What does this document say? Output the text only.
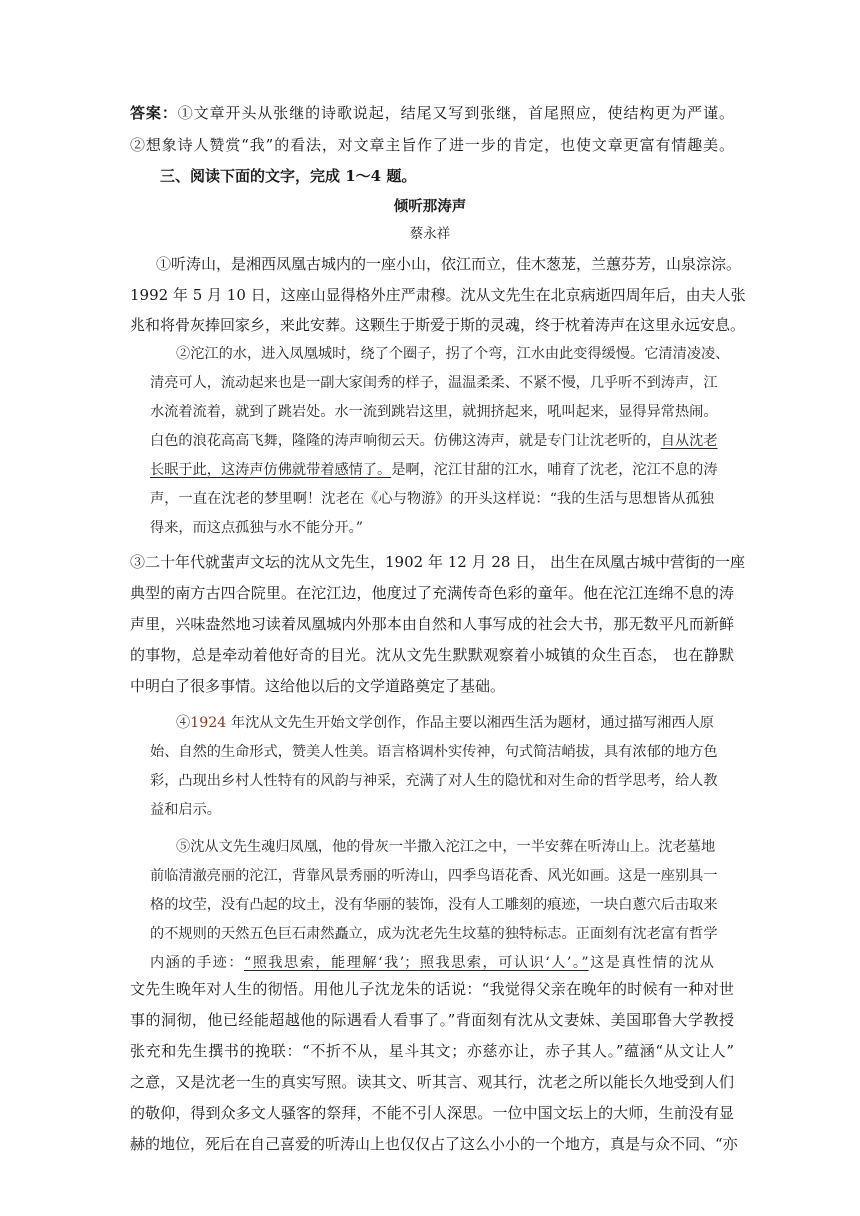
答案：①文章开头从张继的诗歌说起，结尾又写到张继，首尾照应，使结构更为严谨。
②想象诗人赞赏“我”的看法，对文章主旨作了进一步的肯定，也使文章更富有情趣美。
三、阅读下面的文字，完成 1～4 题。
倾听那涛声
蔡永祥
①听涛山，是湘西凤凰古城内的一座小山，依江而立，佳木葱茏，兰蕙芬芳，山泉淙淙。
1992 年 5 月 10 日，这座山显得格外庄严肃穆。沈从文先生在北京病逝四周年后，由夫人张
兆和将骨灰捧回家乡，来此安葬。这颗生于斯爱于斯的灵魂，终于枕着涛声在这里永远安息。
②沱江的水，进入凤凰城时，绕了个圈子，拐了个弯，江水由此变得缓慢。它清清凌凌、
清亮可人，流动起来也是一副大家闺秀的样子，温温柔柔、不紧不慢，几乎听不到涛声，江
水流着流着，就到了跳岩处。水一流到跳岩这里，就拥挤起来，吼叫起来，显得异常热闹。
白色的浪花高高飞舞，隆隆的涛声响彻云天。仿佛这涛声，就是专门让沈老听的，自从沈老
长眠于此，这涛声仿佛就带着感情了。是啊，沱江甘甜的江水，哺育了沈老，沱江不息的涛
声，一直在沈老的梦里啊！沈老在《心与物游》的开头这样说：“我的生活与思想皆从孤独
得来，而这点孤独与水不能分开。”
③二十年代就蜚声文坛的沈从文先生，1902 年 12 月 28 日， 出生在凤凰古城中营街的一座
典型的南方古四合院里。在沱江边，他度过了充满传奇色彩的童年。他在沱江连绵不息的涛
声里，兴味盎然地习读着凤凰城内外那本由自然和人事写成的社会大书，那无数平凡而新鲜
的事物，总是牵动着他好奇的目光。沈从文先生默默观察着小城镇的众生百态， 也在静默
中明白了很多事情。这给他以后的文学道路奠定了基础。
④1924 年沈从文先生开始文学创作，作品主要以湘西生活为题材，通过描写湘西人原
始、自然的生命形式，赞美人性美。语言格调朴实传神，句式简洁峭拔，具有浓郁的地方色
彩，凸现出乡村人性特有的风韵与神采，充满了对人生的隐忧和对生命的哲学思考，给人教
益和启示。
⑤沈从文先生魂归凤凰，他的骨灰一半撒入沱江之中，一半安葬在听涛山上。沈老墓地
前临清澈亮丽的沱江，背靠风景秀丽的听涛山，四季鸟语花香、风光如画。这是一座别具一
格的坟茔，没有凸起的坟土，没有华丽的装饰，没有人工雕刻的痕迹，一块白蔥穴后击取来
的不规则的天然五色巨石肃然矗立，成为沈老先生坟墓的独特标志。正面刻有沈老富有哲学
内涵的手迹：“照我思索，能理解‘我’；照我思索，可认识‘人’。”这是真性情的沈从
文先生晚年对人生的彻悟。用他儿子沈龙朱的话说：“我觉得父亲在晚年的时候有一种对世
事的洞彻，他已经能超越他的际遇看人看事了。”背面刻有沈从文妻妹、美国耶鲁大学教授
张充和先生撰书的挽联：“不折不从，星斗其文；亦慈亦让，赤子其人。”蕴涵“从文让人”
之意，又是沈老一生的真实写照。读其文、听其言、观其行，沈老之所以能长久地受到人们
的敬仰，得到众多文人骚客的祭拜，不能不引人深思。一位中国文坛上的大师，生前没有显
赫的地位，死后在自己喜爱的听涛山上也仅仅占了这么小小的一个地方，真是与众不同、“亦
